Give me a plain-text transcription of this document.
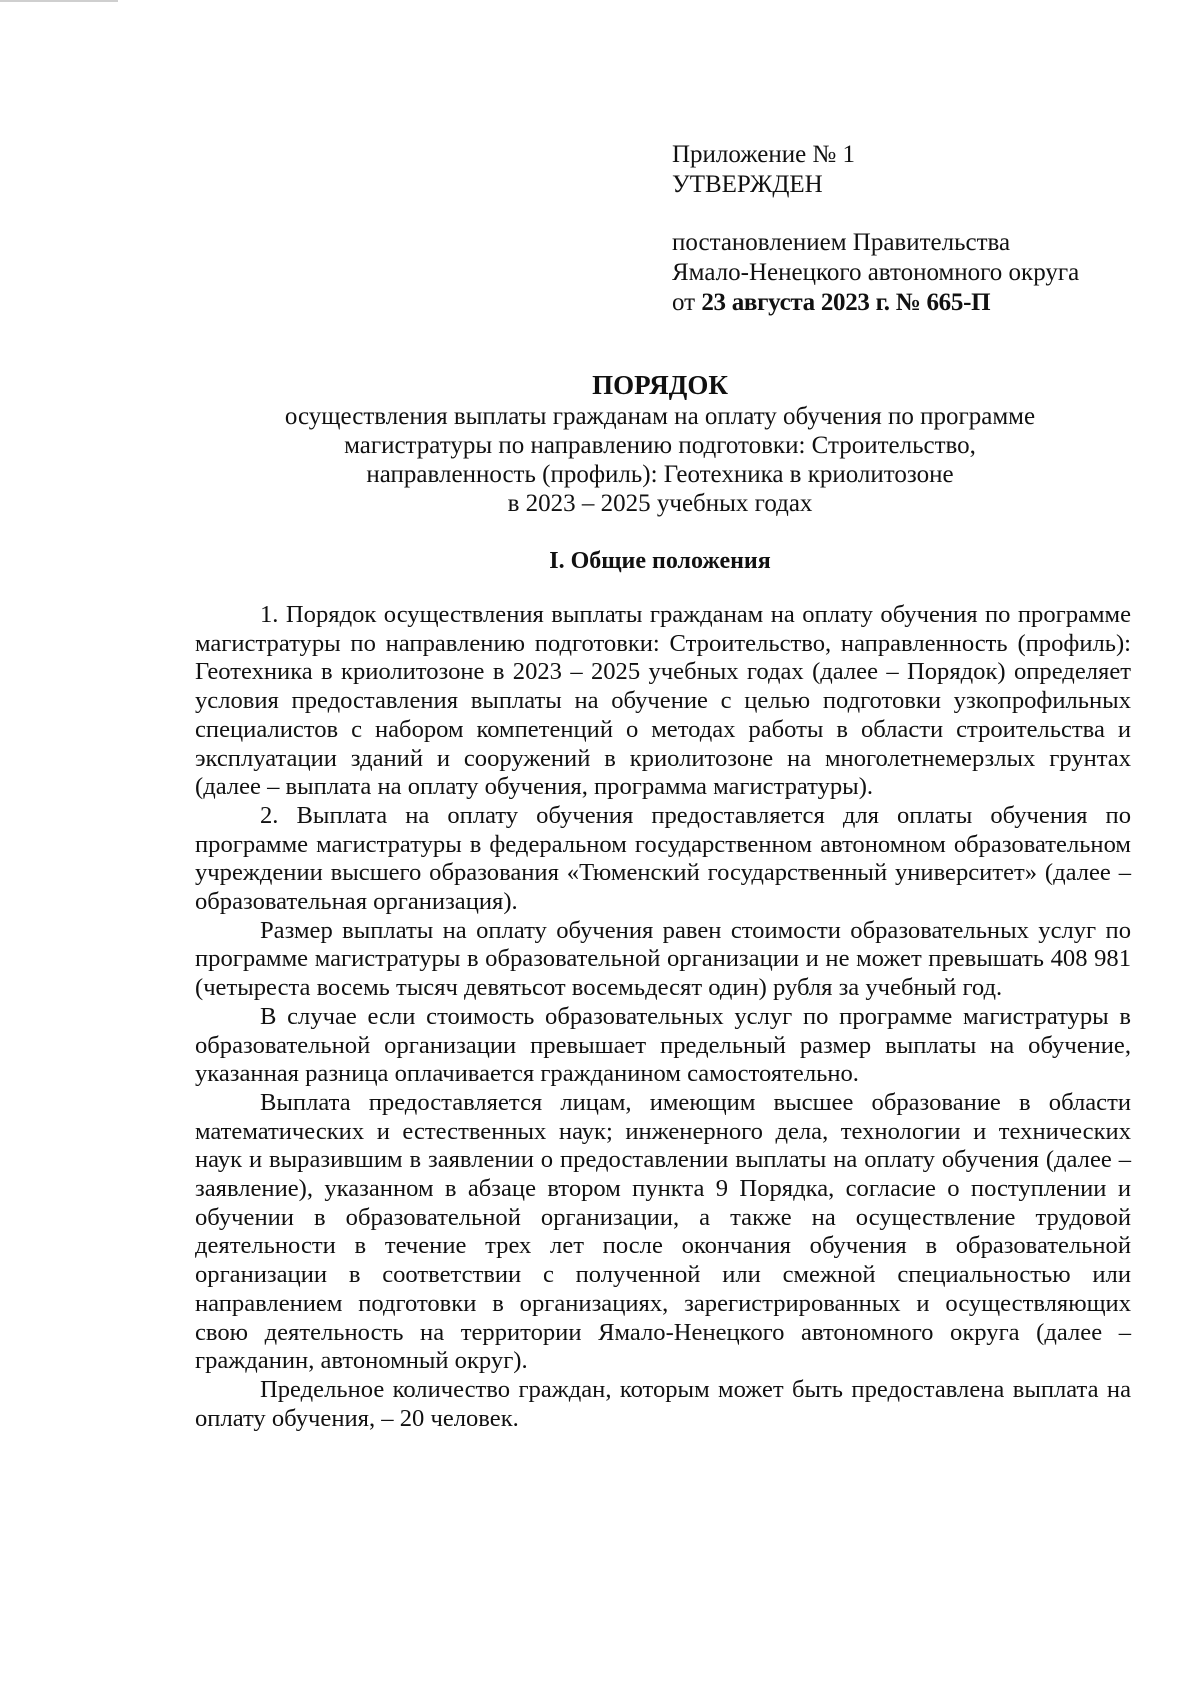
Приложение № 1
УТВЕРЖДЕН
постановлением Правительства
Ямало-Ненецкого автономного округа
от 23 августа 2023 г. № 665-П
ПОРЯДОК
осуществления выплаты гражданам на оплату обучения по программе
магистратуры по направлению подготовки: Строительство,
направленность (профиль): Геотехника в криолитозоне
в 2023 – 2025 учебных годах
I. Общие положения

1. Порядок осуществления выплаты гражданам на оплату обучения по программе магистратуры по направлению подготовки: Строительство, направленность (профиль): Геотехника в криолитозоне в 2023 – 2025 учебных годах (далее – Порядок) определяет условия предоставления выплаты на обучение с целью подготовки узкопрофильных специалистов с набором компетенций о методах работы в области строительства и эксплуатации зданий и сооружений в криолитозоне на многолетнемерзлых грунтах (далее – выплата на оплату обучения, программа магистратуры).

2. Выплата на оплату обучения предоставляется для оплаты обучения по программе магистратуры в федеральном государственном автономном образовательном учреждении высшего образования «Тюменский государственный университет» (далее – образовательная организация).

Размер выплаты на оплату обучения равен стоимости образовательных услуг по программе магистратуры в образовательной организации и не может превышать 408 981 (четыреста восемь тысяч девятьсот восемьдесят один) рубля за учебный год.

В случае если стоимость образовательных услуг по программе магистратуры в образовательной организации превышает предельный размер выплаты на обучение, указанная разница оплачивается гражданином самостоятельно.

Выплата предоставляется лицам, имеющим высшее образование в области математических и естественных наук; инженерного дела, технологии и технических наук и выразившим в заявлении о предоставлении выплаты на оплату обучения (далее – заявление), указанном в абзаце втором пункта 9 Порядка, согласие о поступлении и обучении в образовательной организации, а также на осуществление трудовой деятельности в течение трех лет после окончания обучения в образовательной организации в соответствии с полученной или смежной специальностью или направлением подготовки в организациях, зарегистрированных и осуществляющих свою деятельность на территории Ямало-Ненецкого автономного округа (далее – гражданин, автономный округ).

Предельное количество граждан, которым может быть предоставлена выплата на оплату обучения, – 20 человек.
